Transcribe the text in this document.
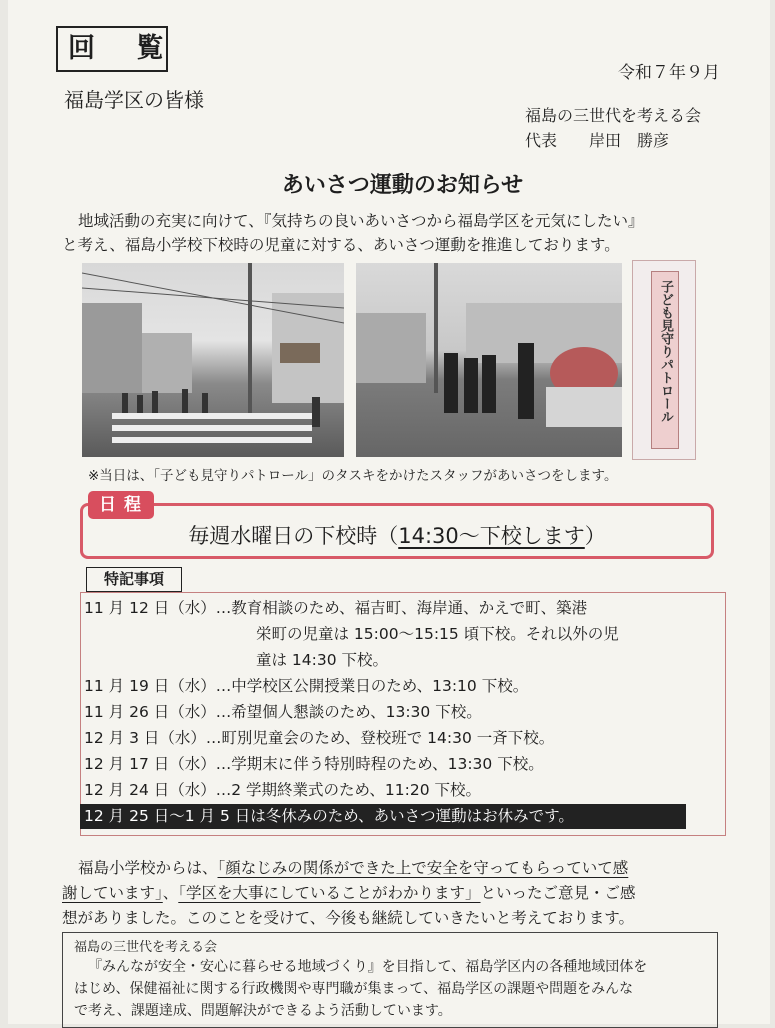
回 覧
令和７年９月
福島学区の皆様
福島の三世代を考える会
代表　　岸田　勝彦
あいさつ運動のお知らせ
地域活動の充実に向けて、『気持ちの良いあいさつから福島学区を元気にしたい』
と考え、福島小学校下校時の児童に対する、あいさつ運動を推進しております。
子ども見守りパトロール
※当日は、「子ども見守りパトロール」のタスキをかけたスタッフがあいさつをします。
日程
毎週水曜日の下校時（14:30〜下校します）
特記事項
11 月 12 日（水）…教育相談のため、福吉町、海岸通、かえで町、築港
栄町の児童は 15:00〜15:15 頃下校。それ以外の児
童は 14:30 下校。
11 月 19 日（水）…中学校区公開授業日のため、13:10 下校。
11 月 26 日（水）…希望個人懇談のため、13:30 下校。
12 月 3 日（水）…町別児童会のため、登校班で 14:30 一斉下校。
12 月 17 日（水）…学期末に伴う特別時程のため、13:30 下校。
12 月 24 日（水）…2 学期終業式のため、11:20 下校。
12 月 25 日〜1 月 5 日は冬休みのため、あいさつ運動はお休みです。
福島小学校からは、「顔なじみの関係ができた上で安全を守ってもらっていて感
謝しています」、「学区を大事にしていることがわかります」といったご意見・ご感
想がありました。このことを受けて、今後も継続していきたいと考えております。
福島の三世代を考える会
『みんなが安全・安心に暮らせる地域づくり』を目指して、福島学区内の各種地域団体を
はじめ、保健福祉に関する行政機関や専門職が集まって、福島学区の課題や問題をみんな
で考え、課題達成、問題解決ができるよう活動しています。
